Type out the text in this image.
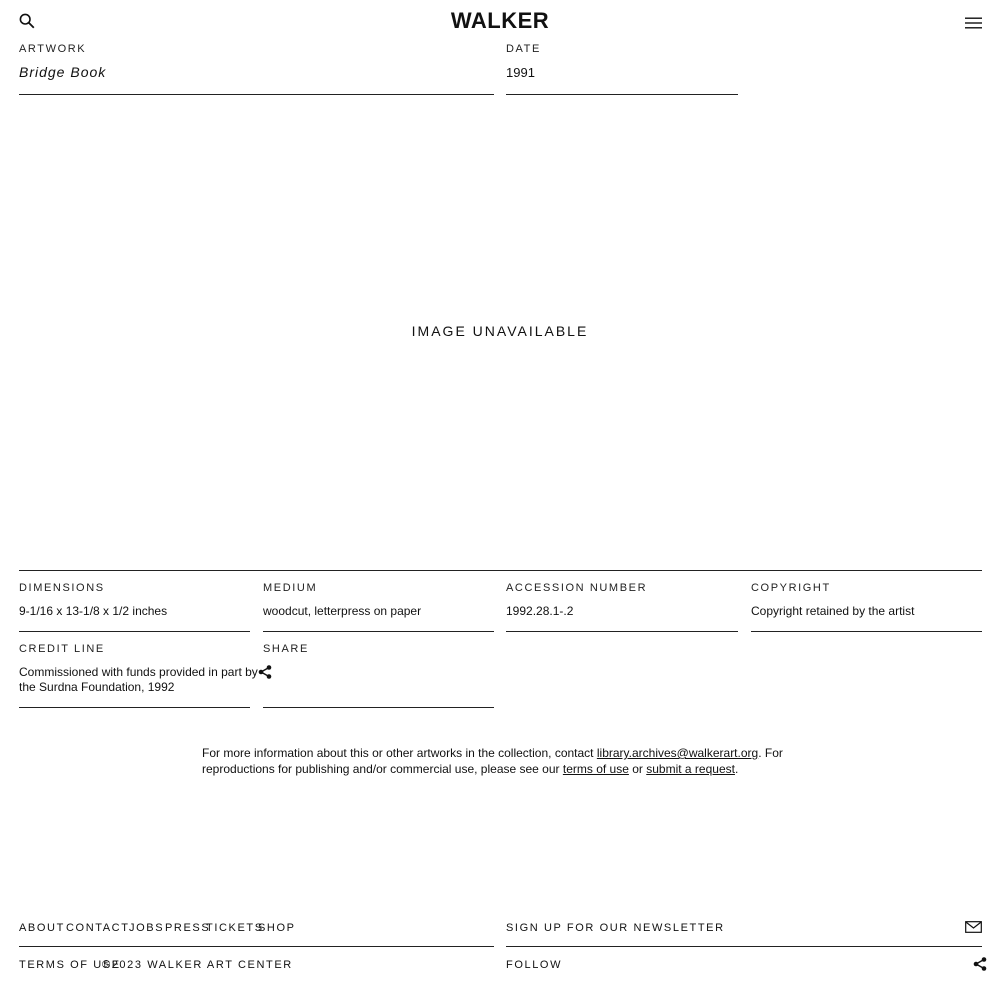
WALKER
ARTWORK
Bridge Book
DATE
1991
IMAGE UNAVAILABLE
DIMENSIONS
9-1/16 x 13-1/8 x 1/2 inches
MEDIUM
woodcut, letterpress on paper
ACCESSION NUMBER
1992.28.1-.2
COPYRIGHT
Copyright retained by the artist
CREDIT LINE
Commissioned with funds provided in part by
the Surdna Foundation, 1992
SHARE
For more information about this or other artworks in the collection, contact library.archives@walkerart.org. For
reproductions for publishing and/or commercial use, please see our terms of use or submit a request.
ABOUT CONTACT JOBS PRESS
TICKETS
SHOP
TERMS OF USE
©2023 WALKER ART CENTER
SIGN UP FOR OUR NEWSLETTER
FOLLOW
